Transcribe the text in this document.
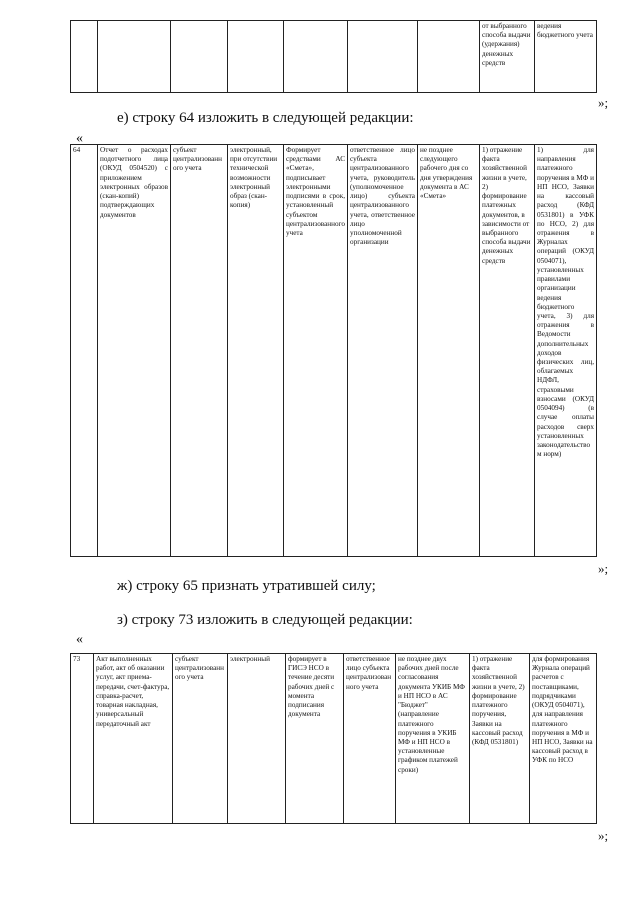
							от выбранного способа выдачи (удержания) денежных средств	ведения бюджетного учета
»;
е) строку 64 изложить в следующей редакции:
«
64	Отчет о расходах подотчетного лица (ОКУД 0504520) с приложением электронных образов (скан-копий) подтверждающих документов	субъект централизованного учета	электронный, при отсутствии технической возможности электронный образ (скан-копия)	Формирует средствами АС «Смета», подписывает электронными подписями в срок, установленный субъектом централизованного учета	ответственное лицо субъекта централизованного учета, руководитель (уполномоченное лицо) субъекта централизованного учета, ответственное лицо уполномоченной организации	не позднее следующего рабочего дня со дня утверждения документа в АС «Смета»	1) отражение факта хозяйственной жизни в учете, 2) формирование платежных документов, в зависимости от выбранного способа выдачи денежных средств	1) для направления платежного поручения в МФ и НП НСО, Заявки на кассовый расход (КФД 0531801) в УФК по НСО, 2) для отражения в Журналах операций (ОКУД 0504071), установленных правилами организации ведения бюджетного учета, 3) для отражения в Ведомости дополнительных доходов физических лиц, облагаемых НДФЛ, страховыми взносами (ОКУД 0504094) (в случае оплаты расходов сверх установленных законодательством норм)
»;
ж) строку 65 признать утратившей силу;
з) строку 73 изложить в следующей редакции:
«
73	Акт выполненных работ, акт об оказании услуг, акт приема-передачи, счет-фактура, справка-расчет, товарная накладная, универсальный передаточный акт	субъект централизованного учета	электронный	формирует в ГИСЭ НСО в течение десяти рабочих дней с момента подписания документа	ответственное лицо субъекта централизованного учета	не позднее двух рабочих дней после согласования документа УКИБ МФ и НП НСО в АС "Бюджет" (направление платежного поручения в УКИБ МФ и НП НСО в установленные графиком платежей сроки)	1) отражение факта хозяйственной жизни в учете, 2) формирование платежного поручения, Заявки на кассовый расход (КФД 0531801)	для формирования Журнала операций расчетов с поставщиками, подрядчиками (ОКУД 0504071), для направления платежного поручения в МФ и НП НСО, Заявки на кассовый расход в УФК по НСО
»;
